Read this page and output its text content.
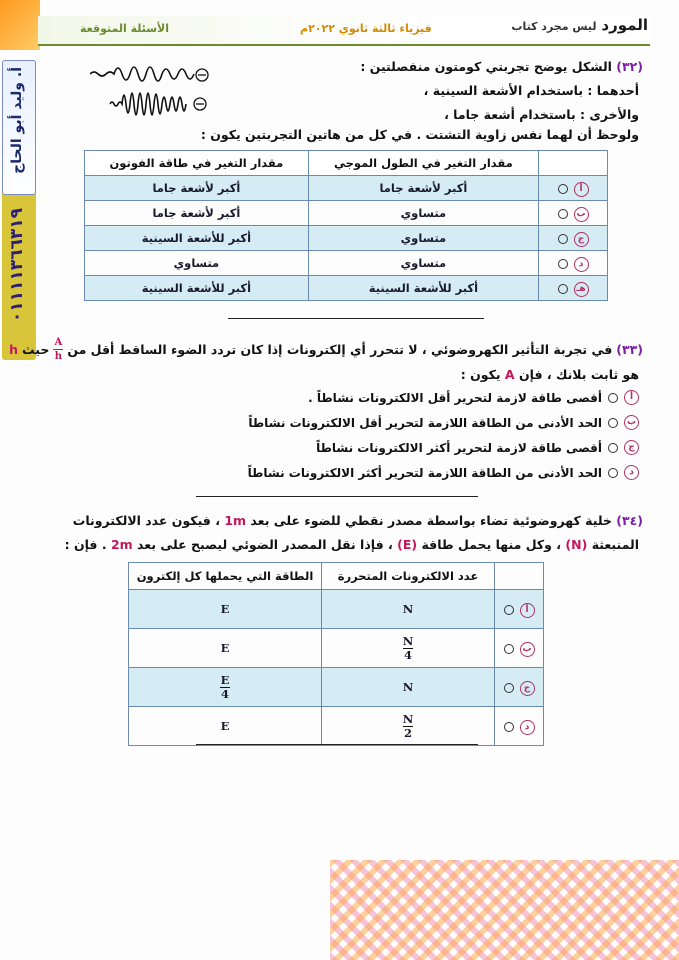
المورد ليس مجرد كتاب
فيزياء ثالثة ثانوي ٢٠٢٢م
الأسئلة المتوقعة
أ. وليد أبو الحاج
٠١١١١٣٦٦٣١٩
(٣٢) الشكل يوضح تجربتي كومتون منفصلتين :
أحدهما : باستخدام الأشعة السينية ،
والأخرى : باستخدام أشعة جاما ،
ولوحظ أن لهما نفس زاوية التشتت . في كل من هاتين التجربتين يكون :
	مقدار التغير في الطول الموجي	مقدار التغير في طاقة الفوتون

أ	أكبر لأشعة جاما	أكبر لأشعة جاما

ب	متساوي	أكبر لأشعة جاما

ج	متساوي	أكبر للأشعة السينية

د	متساوي	متساوي

هـ	أكبر للأشعة السينية	أكبر للأشعة السينية
(٣٣)
في تجربة التأثير الكهروضوئي ، لا تتحرر أي إلكترونات إذا كان تردد الضوء الساقط أقل من
$\frac{A}{h}$
حيث
h
هو ثابت بلانك ، فإن A يكون :
أ
أقصى طاقة لازمة لتحرير أقل الالكترونات نشاطاً .
ب
الحد الأدنى من الطاقة اللازمة لتحرير أقل الالكترونات نشاطاً
ج
أقصى طاقة لازمة لتحرير أكثر الالكترونات نشاطاً
د
الحد الأدنى من الطاقة اللازمة لتحرير أكثر الالكترونات نشاطاً
(٣٤) خلية كهروضوئية تضاء بواسطة مصدر نقطي للضوء على بعد 1m ، فيكون عدد الالكترونات
المنبعثة (N) ، وكل منها يحمل طاقة (E) ، فإذا نقل المصدر الضوئي ليصبح على بعد 2m . فإن :
	عدد الالكترونات المتحررة	الطاقة التي يحملها كل إلكترون

أ	N	E

ب	$\frac{N}{4}$	E

ج	N	$\frac{E}{4}$

د	$\frac{N}{2}$	E
